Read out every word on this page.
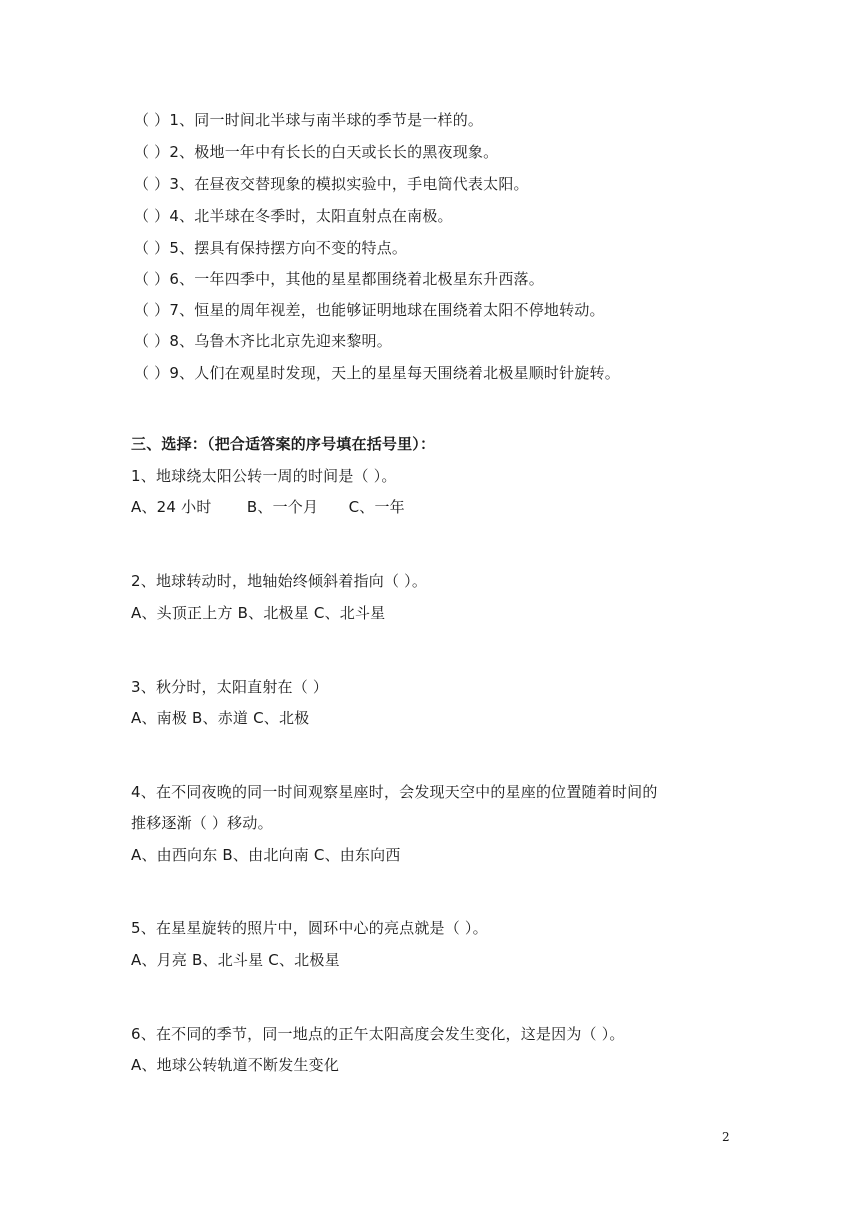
（ ）1、同一时间北半球与南半球的季节是一样的。
（ ）2、极地一年中有长长的白天或长长的黑夜现象。
（ ）3、在昼夜交替现象的模拟实验中，手电筒代表太阳。
（ ）4、北半球在冬季时，太阳直射点在南极。
（ ）5、摆具有保持摆方向不变的特点。
（ ）6、一年四季中，其他的星星都围绕着北极星东升西落。
（ ）7、恒星的周年视差，也能够证明地球在围绕着太阳不停地转动。
（ ）8、乌鲁木齐比北京先迎来黎明。
（ ）9、人们在观星时发现，天上的星星每天围绕着北极星顺时针旋转。
三、选择：（把合适答案的序号填在括号里）：
1、地球绕太阳公转一周的时间是（ ）。
A、24 小时　　 B、一个月　　C、一年
2、地球转动时，地轴始终倾斜着指向（ ）。
A、头顶正上方 B、北极星 C、北斗星
3、秋分时，太阳直射在（ ）
A、南极 B、赤道 C、北极
4、在不同夜晚的同一时间观察星座时，会发现天空中的星座的位置随着时间的
推移逐渐（ ）移动。
A、由西向东 B、由北向南 C、由东向西
5、在星星旋转的照片中，圆环中心的亮点就是（ ）。
A、月亮 B、北斗星 C、北极星
6、在不同的季节，同一地点的正午太阳高度会发生变化，这是因为（ ）。
A、地球公转轨道不断发生变化
2
